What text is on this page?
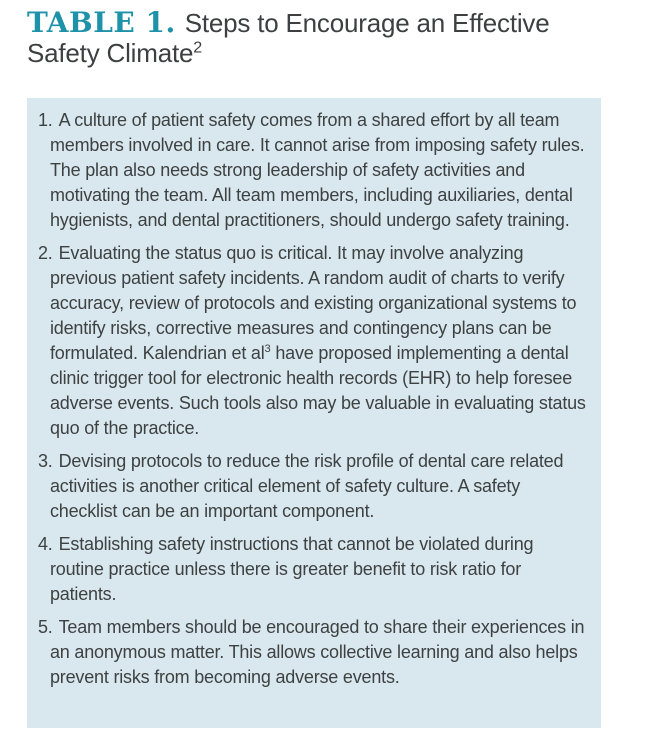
TABLE 1. Steps to Encourage an Effective Safety Climate$^2$
1. A culture of patient safety comes from a shared effort by all team members involved in care. It cannot arise from imposing safety rules. The plan also needs strong leadership of safety activities and motivating the team. All team members, including auxiliaries, dental hygienists, and dental practitioners, should undergo safety training.
2. Evaluating the status quo is critical. It may involve analyzing previous patient safety incidents. A random audit of charts to verify accuracy, review of protocols and existing organizational systems to identify risks, corrective measures and contingency plans can be formulated. Kalendrian et $al^3$ have proposed implementing a dental clinic trigger tool for electronic health records (EHR) to help foresee adverse events. Such tools also may be valuable in evaluating status quo of the practice.
3. Devising protocols to reduce the risk profile of dental care related activities is another critical element of safety culture. A safety checklist can be an important component.
4. Establishing safety instructions that cannot be violated during routine practice unless there is greater benefit to risk ratio for patients.
5. Team members should be encouraged to share their experiences in an anonymous matter. This allows collective learning and also helps prevent risks from becoming adverse events.
